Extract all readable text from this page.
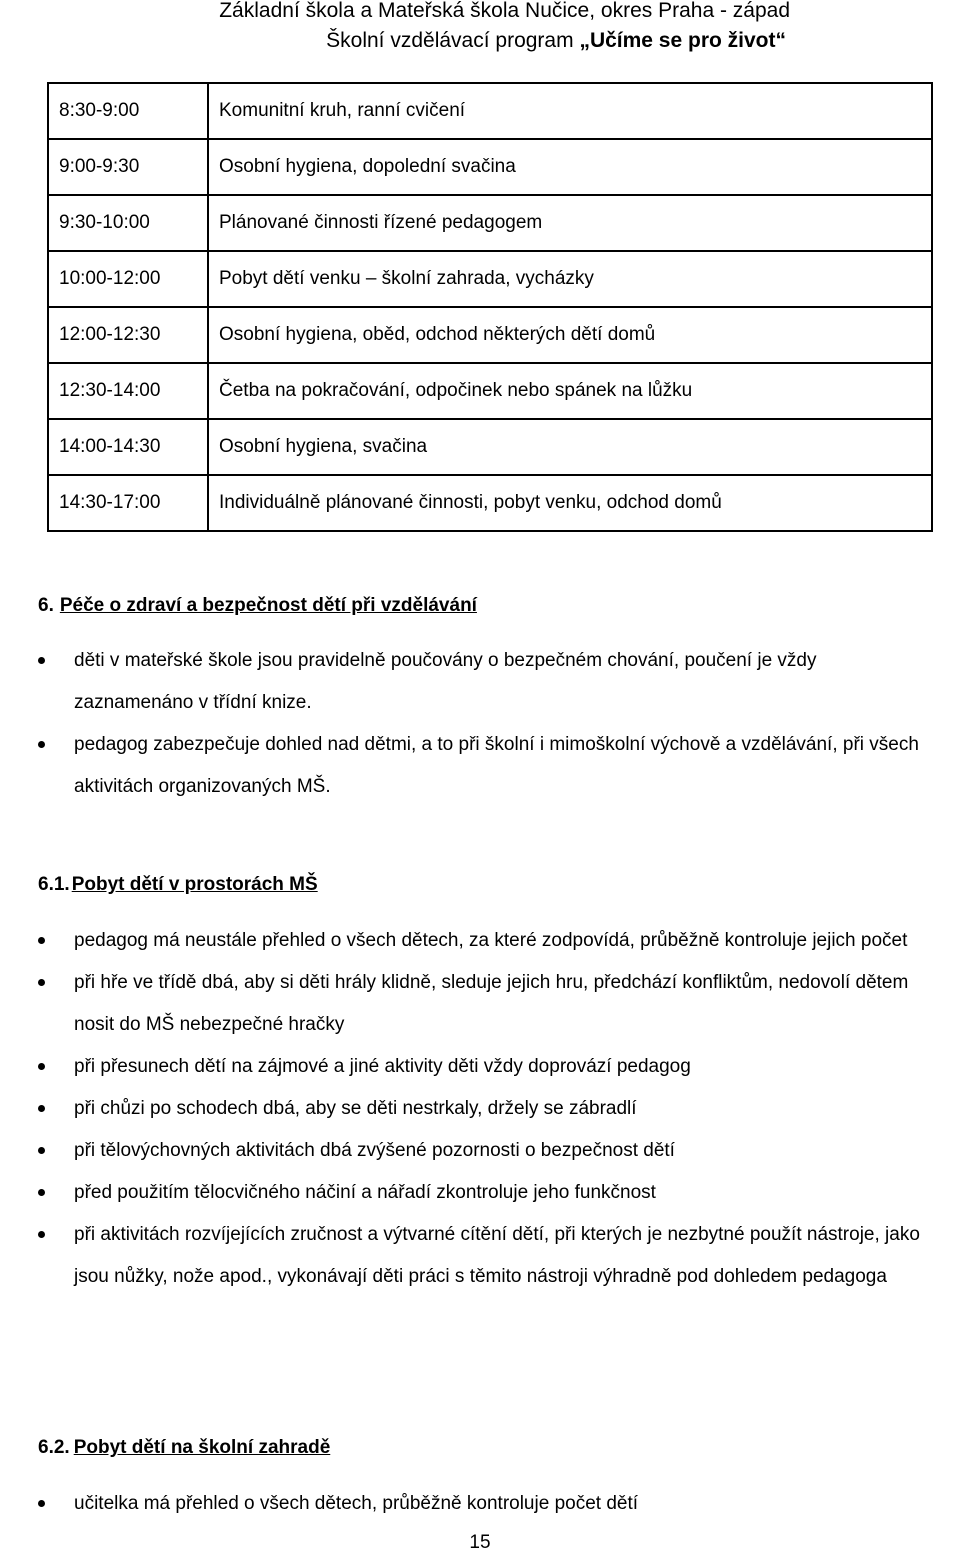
Základní škola a Mateřská škola Nučice, okres Praha - západ
Školní vzdělávací program „Učíme se pro život“
8:30-9:00	Komunitní kruh, ranní cvičení
9:00-9:30	Osobní hygiena, dopolední svačina
9:30-10:00	Plánované činnosti řízené pedagogem
10:00-12:00	Pobyt dětí venku – školní zahrada, vycházky
12:00-12:30	Osobní hygiena, oběd, odchod některých dětí domů
12:30-14:00	Četba na pokračování, odpočinek nebo spánek na lůžku
14:00-14:30	Osobní hygiena, svačina
14:30-17:00	Individuálně plánované činnosti, pobyt venku, odchod domů
6. Péče o zdraví a bezpečnost dětí při vzdělávání
děti v mateřské škole jsou pravidelně poučovány o bezpečném chování, poučení je vždy zaznamenáno v třídní knize.
pedagog zabezpečuje dohled nad dětmi, a to při školní i mimoškolní výchově a vzdělávání, při všech aktivitách organizovaných MŠ.
6.1. Pobyt dětí v prostorách MŠ
pedagog má neustále přehled o všech dětech, za které zodpovídá, průběžně kontroluje jejich počet
při hře ve třídě dbá, aby si děti hrály klidně, sleduje jejich hru, předchází konfliktům, nedovolí dětem nosit do MŠ nebezpečné hračky
při přesunech dětí na zájmové a jiné aktivity děti vždy doprovází pedagog
při chůzi po schodech dbá, aby se děti nestrkaly, držely se zábradlí
při tělovýchovných aktivitách dbá zvýšené pozornosti o bezpečnost dětí
před použitím tělocvičného náčiní a nářadí zkontroluje jeho funkčnost
při aktivitách rozvíjejících zručnost a výtvarné cítění dětí, při kterých je nezbytné použít nástroje, jako jsou nůžky, nože apod., vykonávají děti práci s těmito nástroji výhradně pod dohledem pedagoga
6.2. Pobyt dětí na školní zahradě
učitelka má přehled o všech dětech, průběžně kontroluje počet dětí
15
